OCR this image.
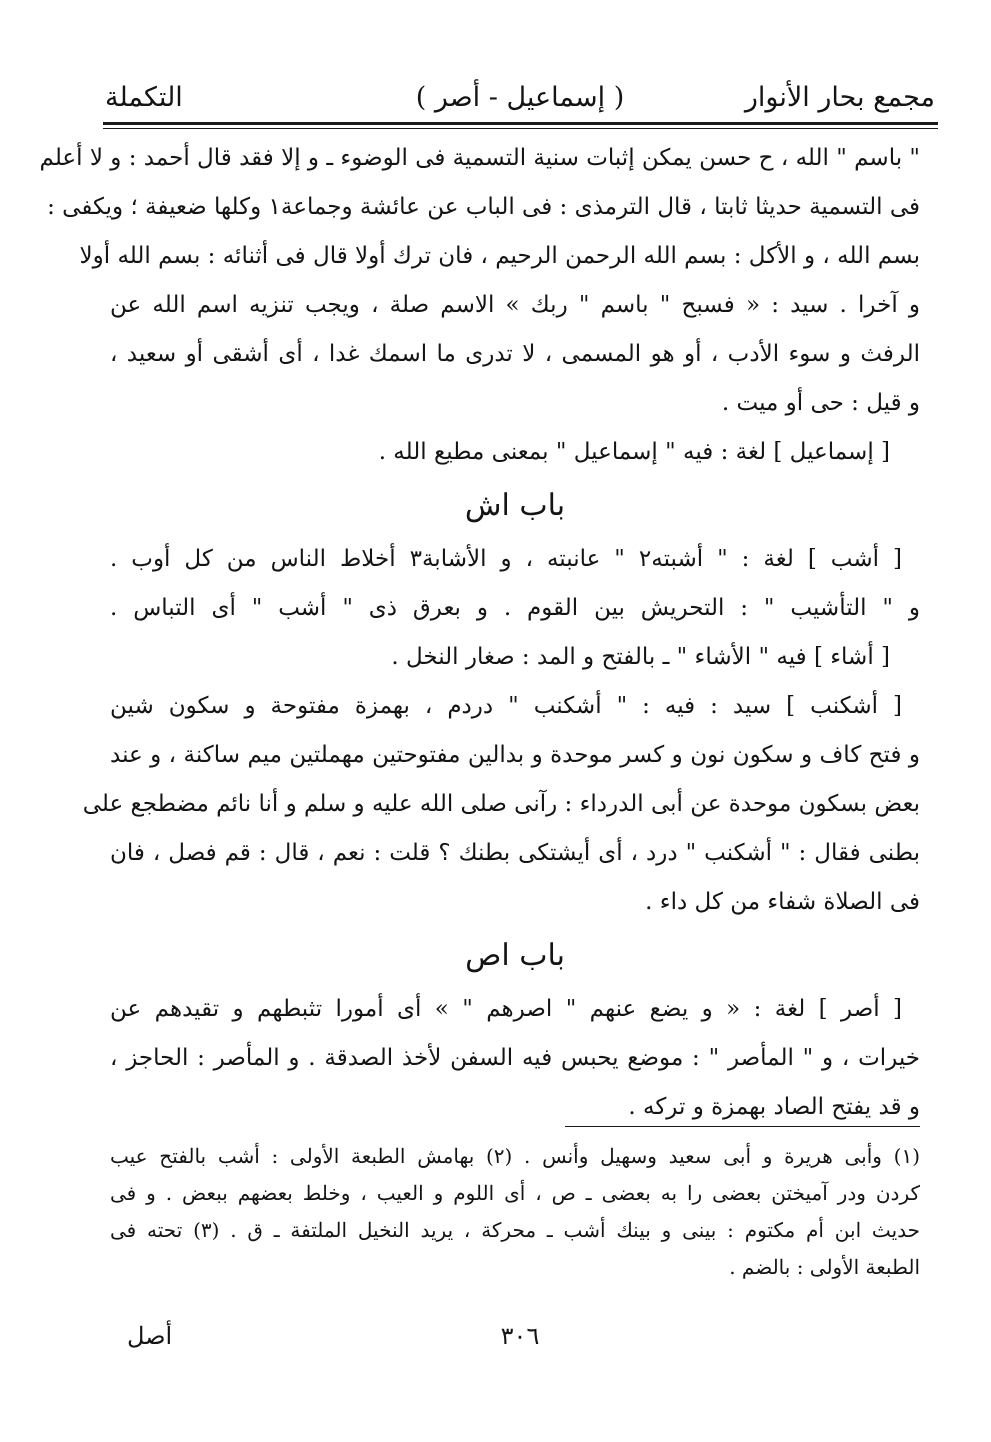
( إسماعيل - أصر )	مجمع بحار الأنوار
التكملة
" باسم " الله ، ح حسن يمكن إثبات سنية التسمية فى الوضوء ـ و إلا فقد قال أحمد : و لا أعلم
فى التسمية حديثا ثابتا ، قال الترمذى : فى الباب عن عائشة وجماعة١ وكلها ضعيفة ؛ ويكفى :
بسم الله ، و الأكل : بسم الله الرحمن الرحيم ، فان ترك أولا قال فى أثنائه : بسم الله أولا
و آخرا . سيد : « فسبح " باسم " ربك » الاسم صلة ، ويجب تنزيه اسم الله عن
الرفث و سوء الأدب ، أو هو المسمى ، لا تدرى ما اسمك غدا ، أى أشقى أو سعيد ،
و قيل : حى أو ميت .
[ إسماعيل ] لغة : فيه " إسماعيل " بمعنى مطيع الله .
باب اش
[ أشب ] لغة : " أشبته٢ " عانبته ، و الأشابة٣ أخلاط الناس من كل أوب .
و " التأشيب " : التحريش بين القوم . و بعرق ذى " أشب " أى التباس .
[ أشاء ] فيه " الأشاء " ـ بالفتح و المد : صغار النخل .
[ أشكنب ] سيد : فيه : " أشكنب " دردم ، بهمزة مفتوحة و سكون شين
و فتح كاف و سكون نون و كسر موحدة و بدالين مفتوحتين مهملتين ميم ساكنة ، و عند
بعض بسكون موحدة عن أبى الدرداء : رآنى صلى الله عليه و سلم و أنا نائم مضطجع على
بطنى فقال : " أشكنب " درد ، أى أيشتكى بطنك ؟ قلت : نعم ، قال : قم فصل ، فان
فى الصلاة شفاء من كل داء .
باب اص
[ أصر ] لغة : « و يضع عنهم " اصرهم " » أى أمورا تثبطهم و تقيدهم عن
خيرات ، و " المأصر " : موضع يحبس فيه السفن لأخذ الصدقة . و المأصر : الحاجز ،
و قد يفتح الصاد بهمزة و تركه .
(١) وأبى هريرة و أبى سعيد وسهيل وأنس . (٢) بهامش الطبعة الأولى : أشب بالفتح عيب
كردن ودر آميختن بعضى را به بعضى ـ ص ، أى اللوم و العيب ، وخلط بعضهم ببعض . و فى
حديث ابن أم مكتوم : بينى و بينك أشب ـ محركة ، يريد النخيل الملتفة ـ ق . (٣) تحته فى
الطبعة الأولى : بالضم .
٣٠٦
أصل
